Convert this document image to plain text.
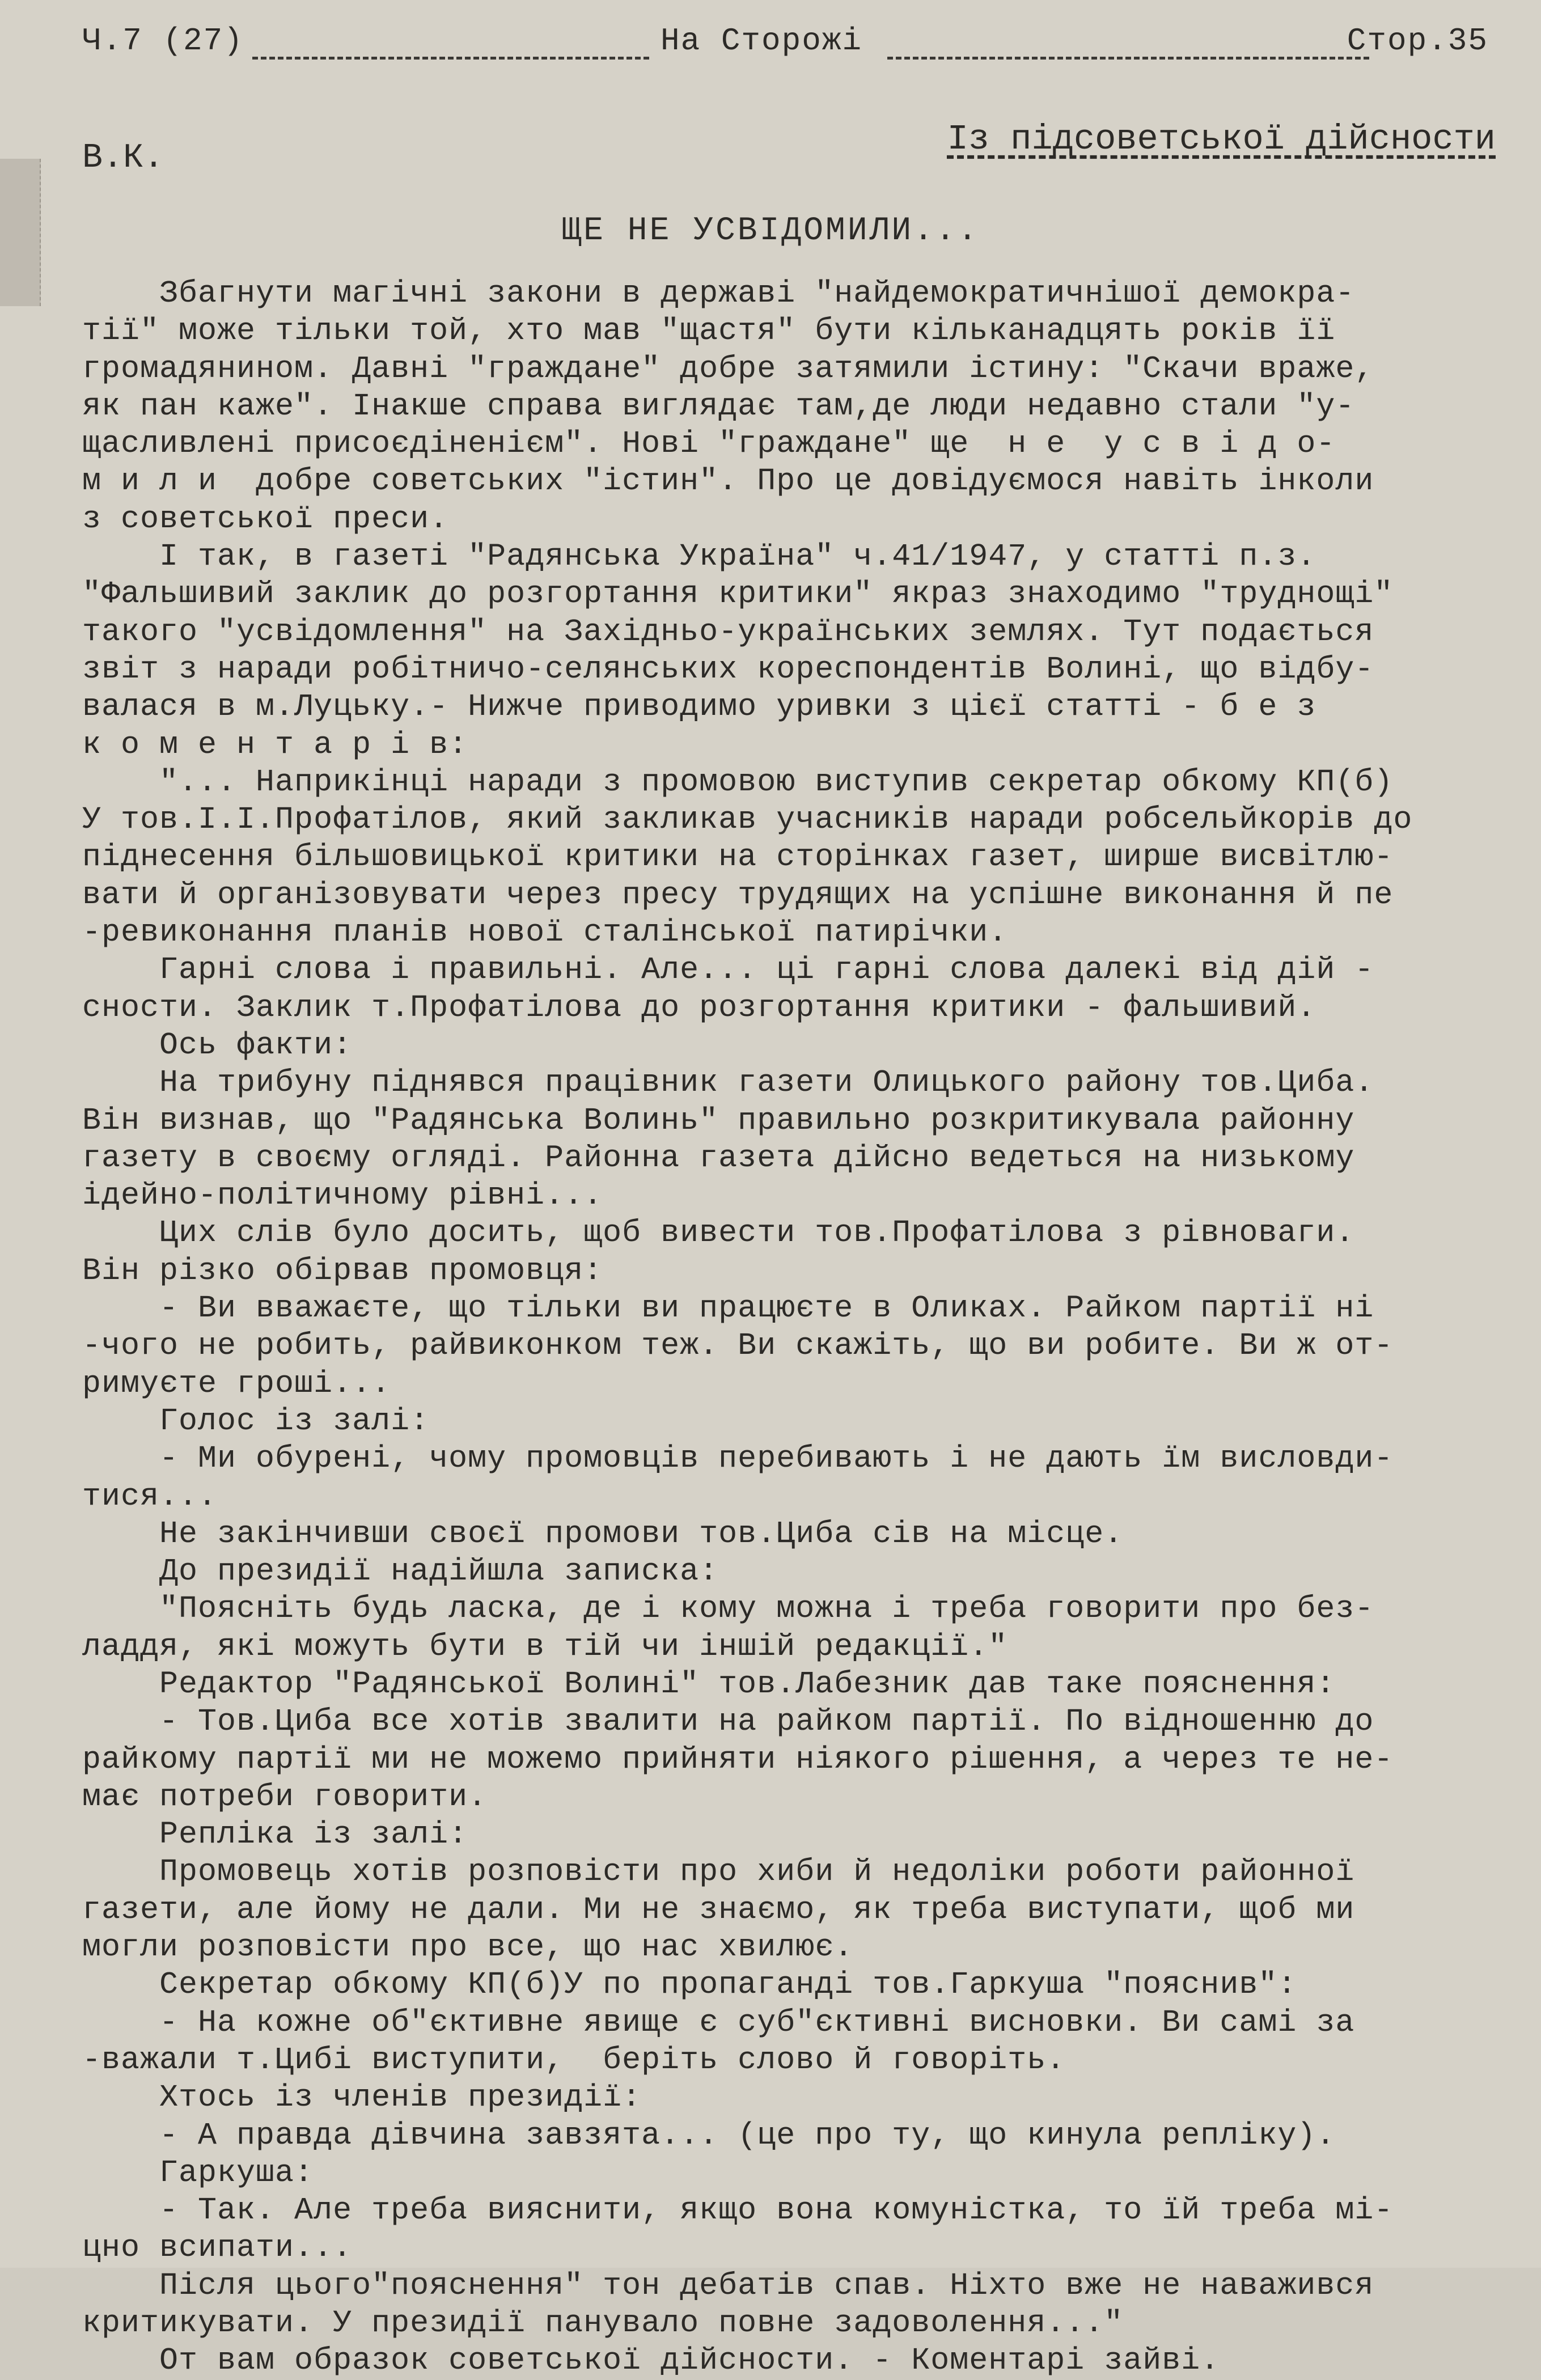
Ч.7 (27)	На Сторожі	Стор.35
В.К.	Із підсоветської дійсности
ЩЕ НЕ УСВІДОМИЛИ...
Збагнути магічні закони в державі "найдемократичнішої демокра-
тії" може тільки той, хто мав "щастя" бути кільканадцять років її
громадянином. Давні "граждане" добре затямили істину: "Скачи враже,
як пан каже". Інакше справа виглядає там,де люди недавно стали "у-
щасливлені присоєдіненієм". Нові "граждане" ще  н е  у с в і д о-
м и л и  добре советських "істин". Про це довідуємося навіть інколи
з советської преси.
І так, в газеті "Радянська Україна" ч.41/1947, у статті п.з.
"Фальшивий заклик до розгортання критики" якраз знаходимо "труднощі"
такого "усвідомлення" на Західньо-українських землях. Тут подається
звіт з наради робітничо-селянських кореспондентів Волині, що відбу-
валася в м.Луцьку.- Нижче приводимо уривки з цієї статті - б е з
к о м е н т а р і в:
"... Наприкінці наради з промовою виступив секретар обкому КП(б)
У тов.І.І.Профатілов, який закликав учасників наради робсельйкорів до
піднесення більшовицької критики на сторінках газет, ширше висвітлю-
вати й організовувати через пресу трудящих на успішне виконання й пе
-ревиконання планів нової сталінської патирічки.
Гарні слова і правильні. Але... ці гарні слова далекі від дій -
сности. Заклик т.Профатілова до розгортання критики - фальшивий.
Ось факти:
На трибуну піднявся працівник газети Олицького району тов.Циба.
Він визнав, що "Радянська Волинь" правильно розкритикувала районну
газету в своєму огляді. Районна газета дійсно ведеться на низькому
ідейно-політичному рівні...
Цих слів було досить, щоб вивести тов.Профатілова з рівноваги.
Він різко обірвав промовця:
- Ви вважаєте, що тільки ви працюєте в Оликах. Райком партії ні
-чого не робить, райвиконком теж. Ви скажіть, що ви робите. Ви ж от-
римуєте гроші...
Голос із залі:
- Ми обурені, чому промовців перебивають і не дають їм висловди-
тися...
Не закінчивши своєї промови тов.Циба сів на місце.
До президії надійшла записка:
"Поясніть будь ласка, де і кому можна і треба говорити про без-
ладдя, які можуть бути в тій чи іншій редакції."
Редактор "Радянської Волині" тов.Лабезник дав таке пояснення:
- Тов.Циба все хотів звалити на райком партії. По відношенню до
райкому партії ми не можемо прийняти ніякого рішення, а через те не-
має потреби говорити.
Репліка із залі:
Промовець хотів розповісти про хиби й недоліки роботи районної
газети, але йому не дали. Ми не знаємо, як треба виступати, щоб ми
могли розповісти про все, що нас хвилює.
Секретар обкому КП(б)У по пропаганді тов.Гаркуша "пояснив":
- На кожне об"єктивне явище є суб"єктивні висновки. Ви самі за
-важали т.Цибі виступити,  беріть слово й говоріть.
Хтось із членів президії:
- А правда дівчина завзята... (це про ту, що кинула репліку).
Гаркуша:
- Так. Але треба вияснити, якщо вона комуністка, то їй треба мі-
цно всипати...
Після цього"пояснення" тон дебатів спав. Ніхто вже не наважився
критикувати. У президії панувало повне задоволення..."
От вам образок советської дійсности. - Коментарі зайві.
